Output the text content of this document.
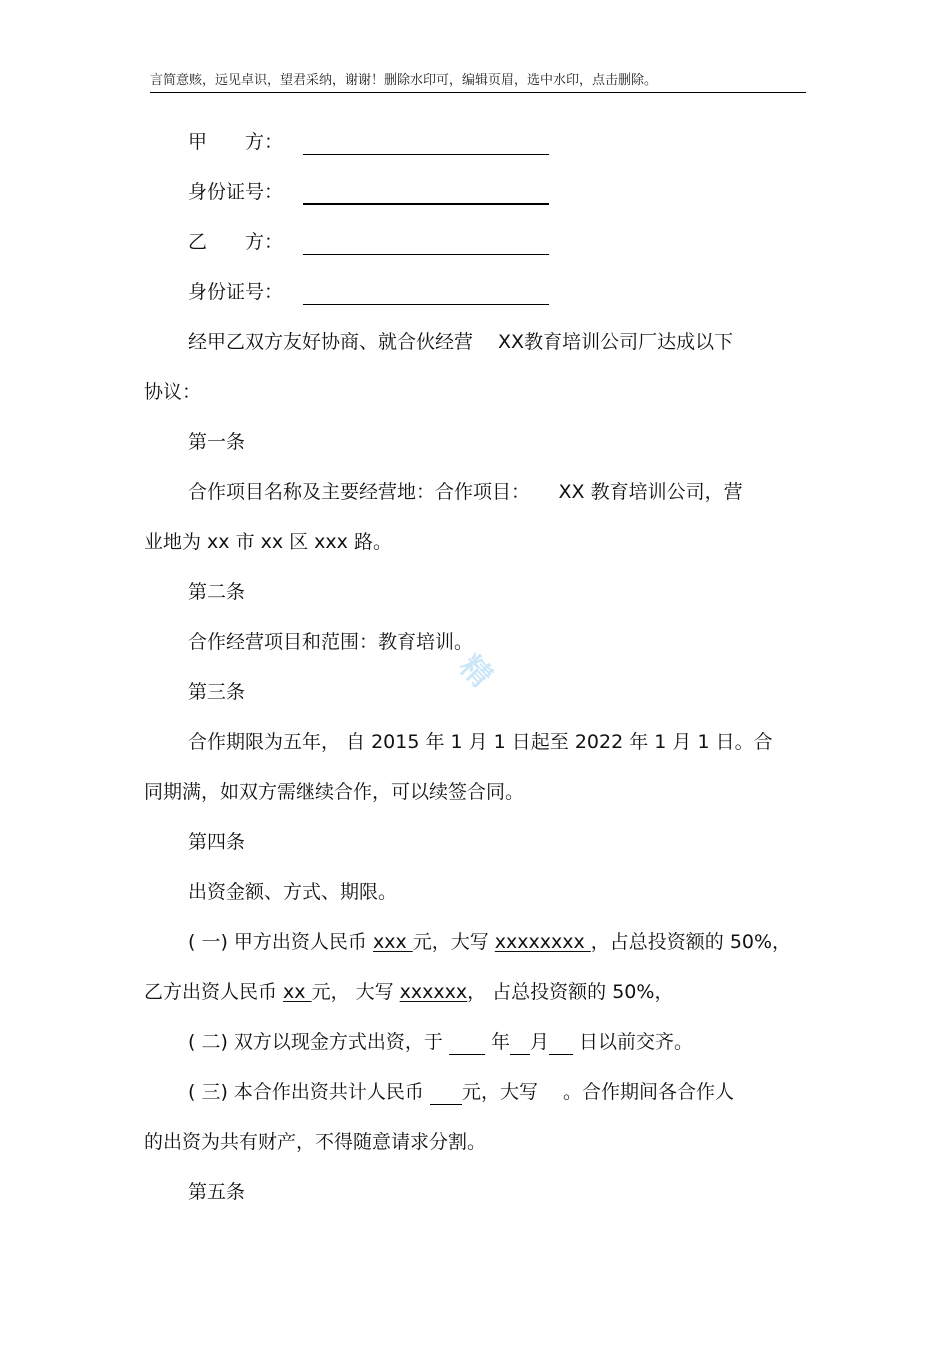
言简意赅，远见卓识，望君采纳，谢谢！删除水印可，编辑页眉，选中水印，点击删除。
甲　　方：
身份证号：
乙　　方：
身份证号：
经甲乙双方友好协商、就合伙经营　 XX教育培训公司厂达成以下
协议：
第一条
合作项目名称及主要经营地：合作项目：　　XX 教育培训公司，营
业地为 xx 市 xx 区 xxx 路。
第二条
合作经营项目和范围：教育培训。
第三条
合作期限为五年， 自 2015 年 1 月 1 日起至 2022 年 1 月 1 日。合
同期满，如双方需继续合作，可以续签合同。
第四条
出资金额、方式、期限。
( 一) 甲方出资人民币 xxx 元，大写 xxxxxxxx ，占总投资额的 50%，
乙方出资人民币 xx 元， 大写 xxxxxx， 占总投资额的 50%，
( 二) 双方以现金方式出资，于  年 月 日以前交齐。
( 三) 本合作出资共计人民币 元，大写　 。合作期间各合作人
的出资为共有财产，不得随意请求分割。
第五条
精
